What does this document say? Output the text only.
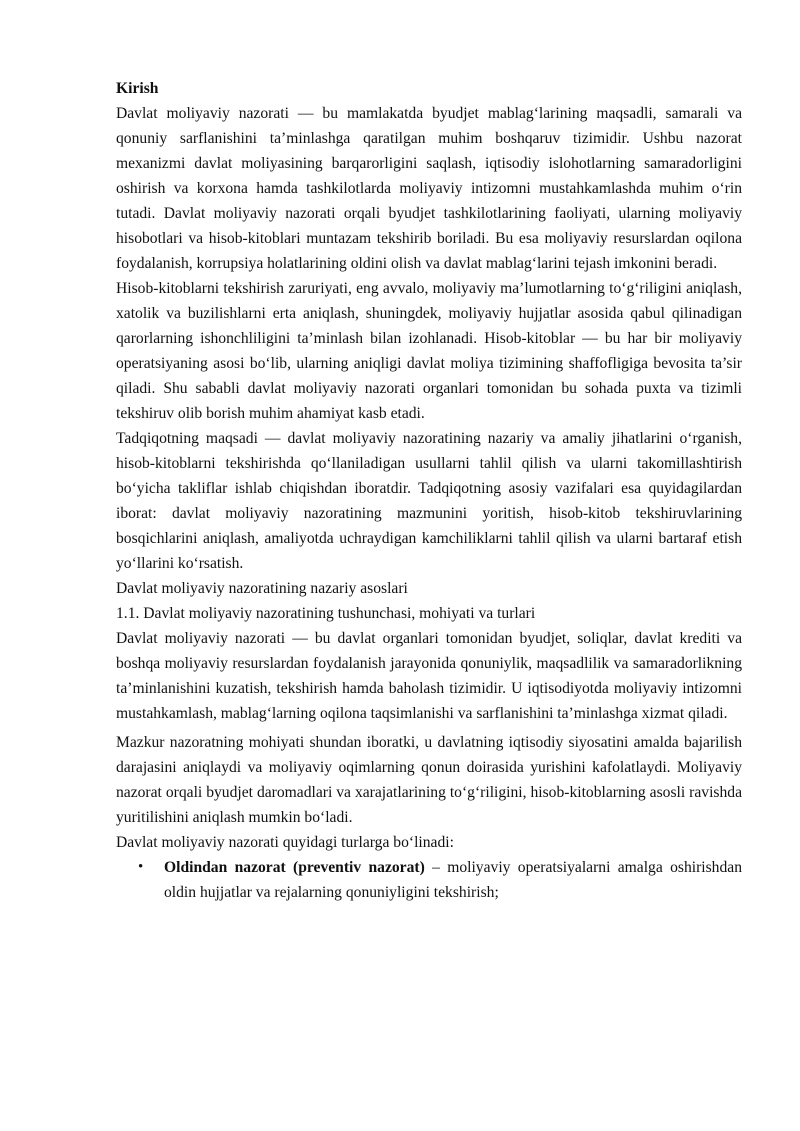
Kirish

Davlat moliyaviy nazorati — bu mamlakatda byudjet mablag‘larining maqsadli, samarali va qonuniy sarflanishini ta’minlashga qaratilgan muhim boshqaruv tizimidir. Ushbu nazorat mexanizmi davlat moliyasining barqarorligini saqlash, iqtisodiy islohotlarning samaradorligini oshirish va korxona hamda tashkilotlarda moliyaviy intizomni mustahkamlashda muhim o‘rin tutadi. Davlat moliyaviy nazorati orqali byudjet tashkilotlarining faoliyati, ularning moliyaviy hisobotlari va hisob-kitoblari muntazam tekshirib boriladi. Bu esa moliyaviy resurslardan oqilona foydalanish, korrupsiya holatlarining oldini olish va davlat mablag‘larini tejash imkonini beradi.

Hisob-kitoblarni tekshirish zaruriyati, eng avvalo, moliyaviy ma’lumotlarning to‘g‘riligini aniqlash, xatolik va buzilishlarni erta aniqlash, shuningdek, moliyaviy hujjatlar asosida qabul qilinadigan qarorlarning ishonchliligini ta’minlash bilan izohlanadi. Hisob-kitoblar — bu har bir moliyaviy operatsiyaning asosi bo‘lib, ularning aniqligi davlat moliya tizimining shaffofligiga bevosita ta’sir qiladi. Shu sababli davlat moliyaviy nazorati organlari tomonidan bu sohada puxta va tizimli tekshiruv olib borish muhim ahamiyat kasb etadi.

Tadqiqotning maqsadi — davlat moliyaviy nazoratining nazariy va amaliy jihatlarini o‘rganish, hisob-kitoblarni tekshirishda qo‘llaniladigan usullarni tahlil qilish va ularni takomillashtirish bo‘yicha takliflar ishlab chiqishdan iboratdir. Tadqiqotning asosiy vazifalari esa quyidagilardan iborat: davlat moliyaviy nazoratining mazmunini yoritish, hisob-kitob tekshiruvlarining bosqichlarini aniqlash, amaliyotda uchraydigan kamchiliklarni tahlil qilish va ularni bartaraf etish yo‘llarini ko‘rsatish.

Davlat moliyaviy nazoratining nazariy asoslari

1.1. Davlat moliyaviy nazoratining tushunchasi, mohiyati va turlari

Davlat moliyaviy nazorati — bu davlat organlari tomonidan byudjet, soliqlar, davlat krediti va boshqa moliyaviy resurslardan foydalanish jarayonida qonuniylik, maqsadlilik va samaradorlikning ta’minlanishini kuzatish, tekshirish hamda baholash tizimidir. U iqtisodiyotda moliyaviy intizomni mustahkamlash, mablag‘larning oqilona taqsimlanishi va sarflanishini ta’minlashga xizmat qiladi.

Mazkur nazoratning mohiyati shundan iboratki, u davlatning iqtisodiy siyosatini amalda bajarilish darajasini aniqlaydi va moliyaviy oqimlarning qonun doirasida yurishini kafolatlaydi. Moliyaviy nazorat orqali byudjet daromadlari va xarajatlarining to‘g‘riligini, hisob-kitoblarning asosli ravishda yuritilishini aniqlash mumkin bo‘ladi.

Davlat moliyaviy nazorati quyidagi turlarga bo‘linadi:

• Oldindan nazorat (preventiv nazorat) – moliyaviy operatsiyalarni amalga oshirishdan oldin hujjatlar va rejalarning qonuniyligini tekshirish;
